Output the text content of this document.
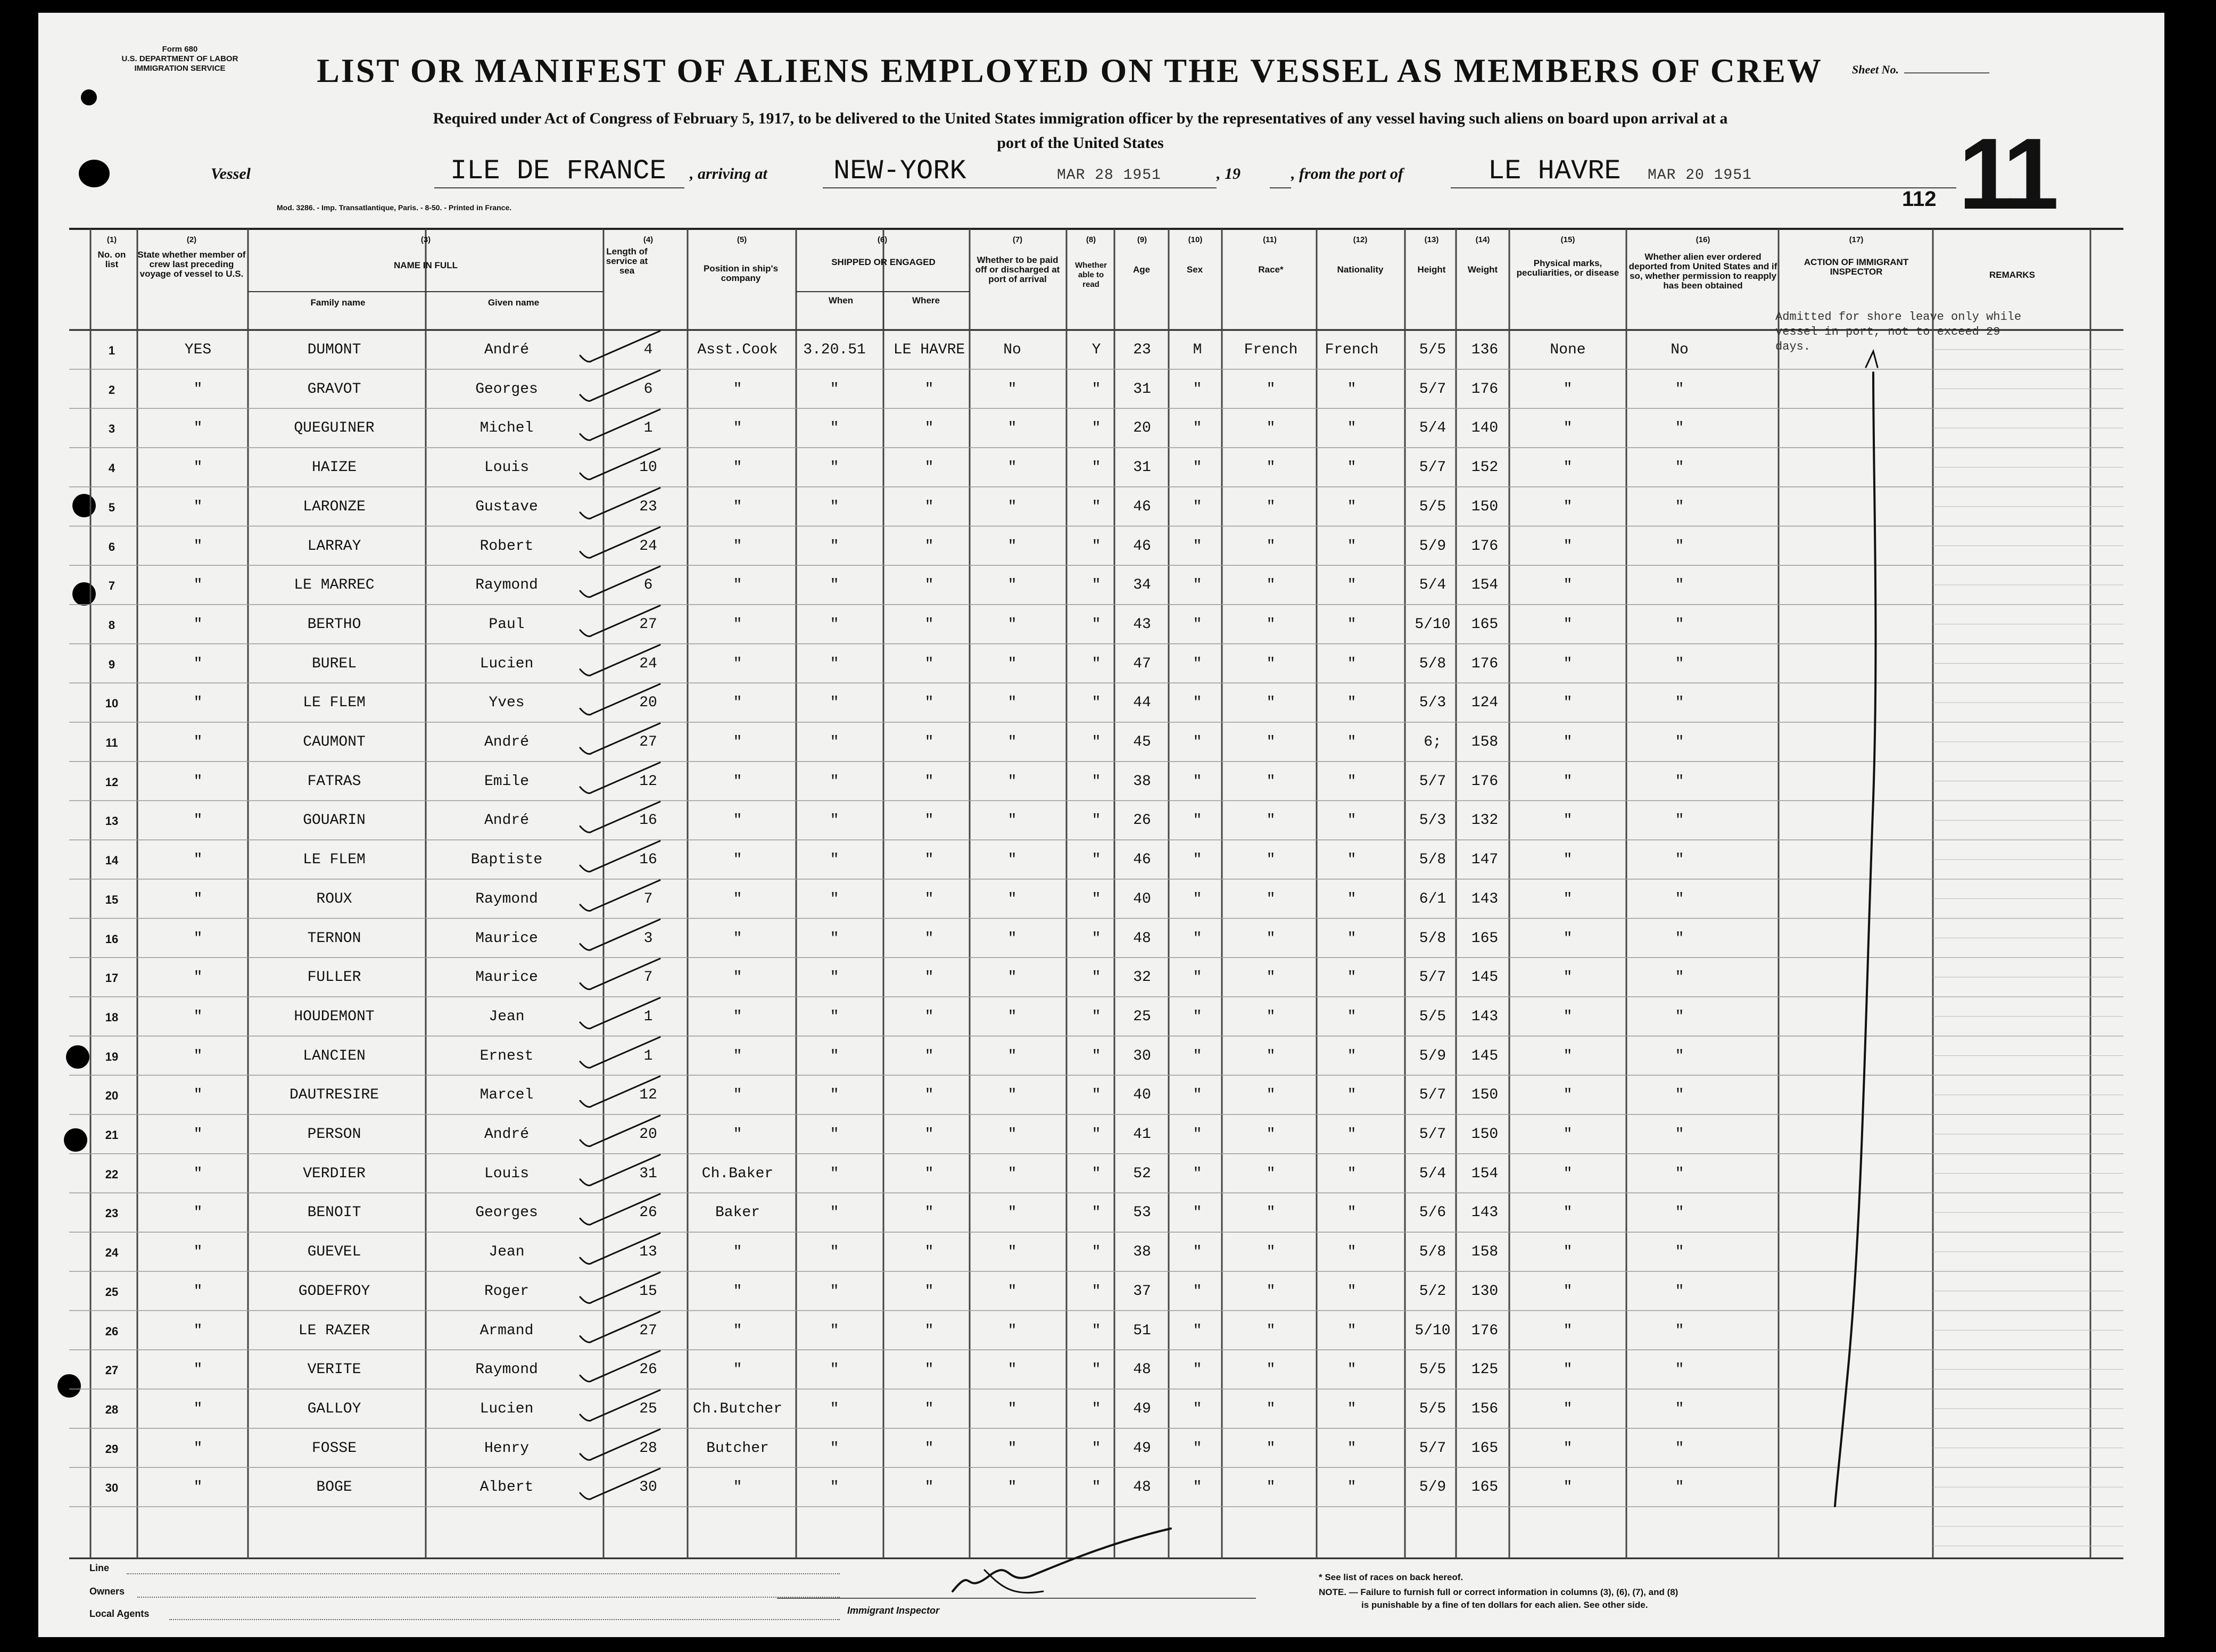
Form 680
U.S. DEPARTMENT OF LABOR
IMMIGRATION SERVICE	LIST OR MANIFEST OF ALIENS EMPLOYED ON THE VESSEL AS MEMBERS OF CREW	Sheet No.
Required under Act of Congress of February 5, 1917, to be delivered to the United States immigration officer by the representatives of any vessel having such aliens on board upon arrival at a
port of the United States
Vessel	ILE DE FRANCE , arriving at NEW-YORK	MAR 28 1951	, 19	, from the port of	LE HAVRE MAR 20 1951 11
112
Mod. 3286. - Imp. Transatlantique, Paris. - 8-50. - Printed in France.
No. on list
State whether member of crew last preceding voyage of vessel to U.S.
NAME IN FULL
Family name	Given name
Length of service at sea	Position in ship's company
SHIPPED OR ENGAGED
When	Where
Whether to be paid off or discharged at port of arrival
Whether able to read
Age	Sex	Race*	Nationality	Height	Weight
Physical marks, peculiarities, or disease
Whether alien ever ordered deported from United States and if so, whether permission to reapply has been obtained
ACTION OF IMMIGRANT INSPECTOR	REMARKS
(1)	(2)	(3)	(4)	(5)	(6)	(7)	(8)	(9)	(10)	(11)	(12)	(13)	(14)	(15)	(16)	(17)
1	YES	DUMONT	André	4	Asst.Cook	3.20.51	LE HAVRE	No	Y	23	M	French	French	5/5	136	None	No
2	"	GRAVOT	Georges	6	"	"	"	"	"	31	"	"	"	5/7	176	"	"
3	"	QUEGUINER	Michel	1	"	"	"	"	"	20	"	"	"	5/4	140	"	"
4	"	HAIZE	Louis	10	"	"	"	"	"	31	"	"	"	5/7	152	"	"
5	"	LARONZE	Gustave	23	"	"	"	"	"	46	"	"	"	5/5	150	"	"
6	"	LARRAY	Robert	24	"	"	"	"	"	46	"	"	"	5/9	176	"	"
7	"	LE MARREC	Raymond	6	"	"	"	"	"	34	"	"	"	5/4	154	"	"
8	"	BERTHO	Paul	27	"	"	"	"	"	43	"	"	"	5/10	165	"	"
9	"	BUREL	Lucien	24	"	"	"	"	"	47	"	"	"	5/8	176	"	"
10	"	LE FLEM	Yves	20	"	"	"	"	"	44	"	"	"	5/3	124	"	"
11	"	CAUMONT	André	27	"	"	"	"	"	45	"	"	"	6;	158	"	"
12	"	FATRAS	Emile	12	"	"	"	"	"	38	"	"	"	5/7	176	"	"
13	"	GOUARIN	André	16	"	"	"	"	"	26	"	"	"	5/3	132	"	"
14	"	LE FLEM	Baptiste	16	"	"	"	"	"	46	"	"	"	5/8	147	"	"
15	"	ROUX	Raymond	7	"	"	"	"	"	40	"	"	"	6/1	143	"	"
16	"	TERNON	Maurice	3	"	"	"	"	"	48	"	"	"	5/8	165	"	"
17	"	FULLER	Maurice	7	"	"	"	"	"	32	"	"	"	5/7	145	"	"
18	"	HOUDEMONT	Jean	1	"	"	"	"	"	25	"	"	"	5/5	143	"	"
19	"	LANCIEN	Ernest	1	"	"	"	"	"	30	"	"	"	5/9	145	"	"
20	"	DAUTRESIRE	Marcel	12	"	"	"	"	"	40	"	"	"	5/7	150	"	"
21	"	PERSON	André	20	"	"	"	"	"	41	"	"	"	5/7	150	"	"
22	"	VERDIER	Louis	31	Ch.Baker	"	"	"	"	52	"	"	"	5/4	154	"	"
23	"	BENOIT	Georges	26	Baker	"	"	"	"	53	"	"	"	5/6	143	"	"
24	"	GUEVEL	Jean	13	"	"	"	"	"	38	"	"	"	5/8	158	"	"
25	"	GODEFROY	Roger	15	"	"	"	"	"	37	"	"	"	5/2	130	"	"
26	"	LE RAZER	Armand	27	"	"	"	"	"	51	"	"	"	5/10	176	"	"
27	"	VERITE	Raymond	26	"	"	"	"	"	48	"	"	"	5/5	125	"	"
28	"	GALLOY	Lucien	25	Ch.Butcher	"	"	"	"	49	"	"	"	5/5	156	"	"
29	"	FOSSE	Henry	28	Butcher	"	"	"	"	49	"	"	"	5/7	165	"	"
30	"	BOGE	Albert	30	"	"	"	"	"	48	"	"	"	5/9	165	"	"
Admitted for shore leave only while vessel in port, not to exceed 29 days.
Line
Owners
Local Agents	Immigrant Inspector
* See list of races on back hereof.
NOTE. — Failure to furnish full or correct information in columns (3), (6), (7), and (8)
is punishable by a fine of ten dollars for each alien. See other side.
